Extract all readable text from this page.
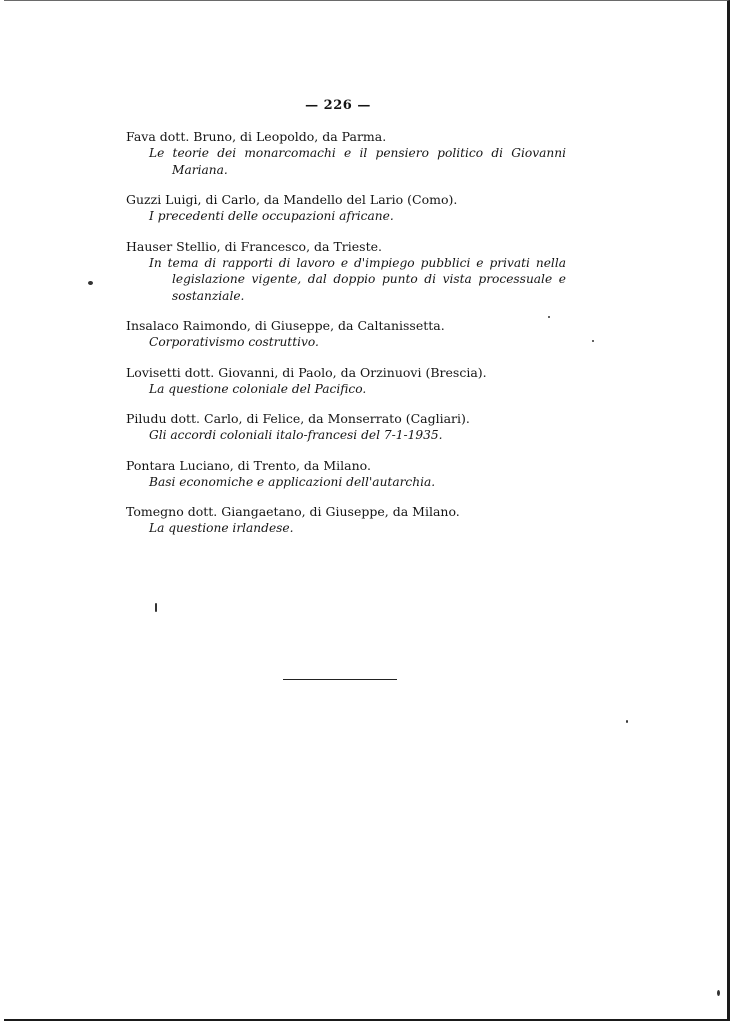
— 226 —
Fava dott. Bruno, di Leopoldo, da Parma.
Le teorie dei monarcomachi e il pensiero politico di Giovanni Mariana.
Guzzi Luigi, di Carlo, da Mandello del Lario (Como).
I precedenti delle occupazioni africane.
Hauser Stellio, di Francesco, da Trieste.
In tema di rapporti di lavoro e d'impiego pubblici e privati nella legislazione vigente, dal doppio punto di vista processuale e sostanziale.
Insalaco Raimondo, di Giuseppe, da Caltanissetta.
Corporativismo costruttivo.
Lovisetti dott. Giovanni, di Paolo, da Orzinuovi (Brescia).
La questione coloniale del Pacifico.
Piludu dott. Carlo, di Felice, da Monserrato (Cagliari).
Gli accordi coloniali italo-francesi del 7-1-1935.
Pontara Luciano, di Trento, da Milano.
Basi economiche e applicazioni dell'autarchia.
Tomegno dott. Giangaetano, di Giuseppe, da Milano.
La questione irlandese.
